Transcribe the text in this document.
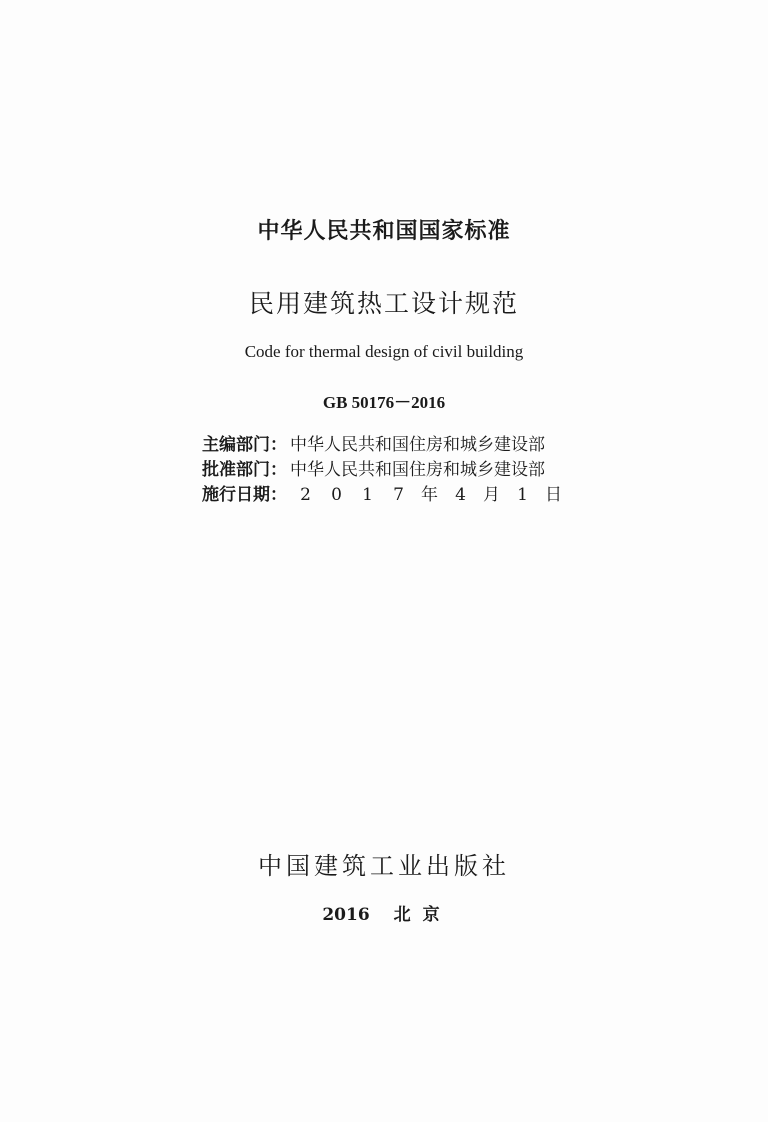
中华人民共和国国家标准
民用建筑热工设计规范
Code for thermal design of civil building
GB 50176－2016
主编部门： 中华人民共和国住房和城乡建设部
批准部门： 中华人民共和国住房和城乡建设部
施行日期： 2	0	1	7	年	4	月	1	日
中国建筑工业出版社
2016 北 京
